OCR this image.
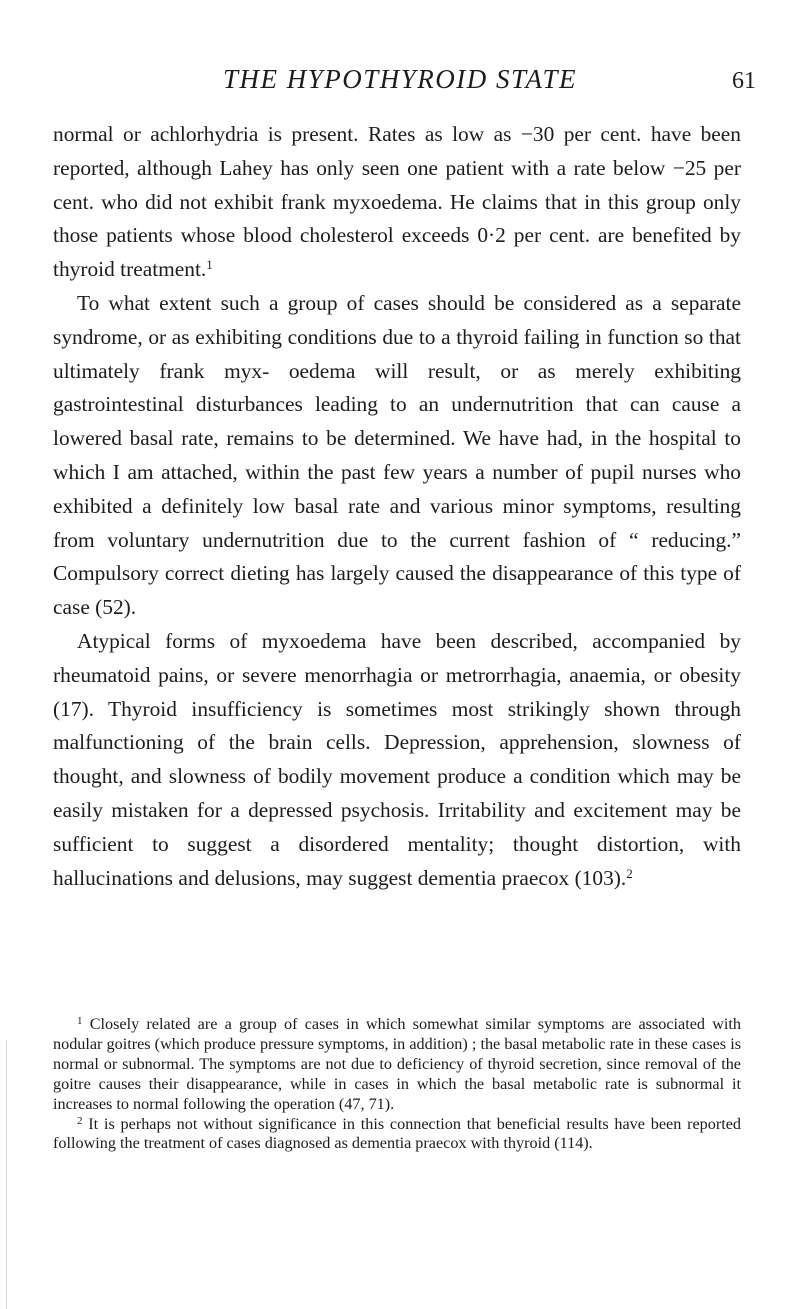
THE HYPOTHYROID STATE	61

normal or achlorhydria is present. Rates as low as −30 per cent. have been reported, although Lahey has only seen one patient with a rate below −25 per cent. who did not exhibit frank myxoedema. He claims that in this group only those patients whose blood cholesterol exceeds 0·2 per cent. are benefited by thyroid treatment.$^1$

To what extent such a group of cases should be considered as a separate syndrome, or as exhibiting conditions due to a thyroid failing in function so that ultimately frank myx- oedema will result, or as merely exhibiting gastrointestinal disturbances leading to an undernutrition that can cause a lowered basal rate, remains to be determined. We have had, in the hospital to which I am attached, within the past few years a number of pupil nurses who exhibited a definitely low basal rate and various minor symptoms, resulting from voluntary undernutrition due to the current fashion of “ reducing.” Compulsory correct dieting has largely caused the disappearance of this type of case (52).

Atypical forms of myxoedema have been described, accompanied by rheumatoid pains, or severe menorrhagia or metrorrhagia, anaemia, or obesity (17). Thyroid insufficiency is sometimes most strikingly shown through malfunctioning of the brain cells. Depression, apprehension, slowness of thought, and slowness of bodily movement produce a condition which may be easily mistaken for a depressed psychosis. Irritability and excitement may be sufficient to suggest a disordered mentality; thought distortion, with hallucinations and delusions, may suggest dementia praecox (103).$^2$

$^1$ Closely related are a group of cases in which somewhat similar symptoms are associated with nodular goitres (which produce pressure symptoms, in addition) ; the basal metabolic rate in these cases is normal or subnormal. The symptoms are not due to deficiency of thyroid secretion, since removal of the goitre causes their disappearance, while in cases in which the basal metabolic rate is subnormal it increases to normal following the operation (47, 71).

$^2$ It is perhaps not without significance in this connection that beneficial results have been reported following the treatment of cases diagnosed as dementia praecox with thyroid (114).
